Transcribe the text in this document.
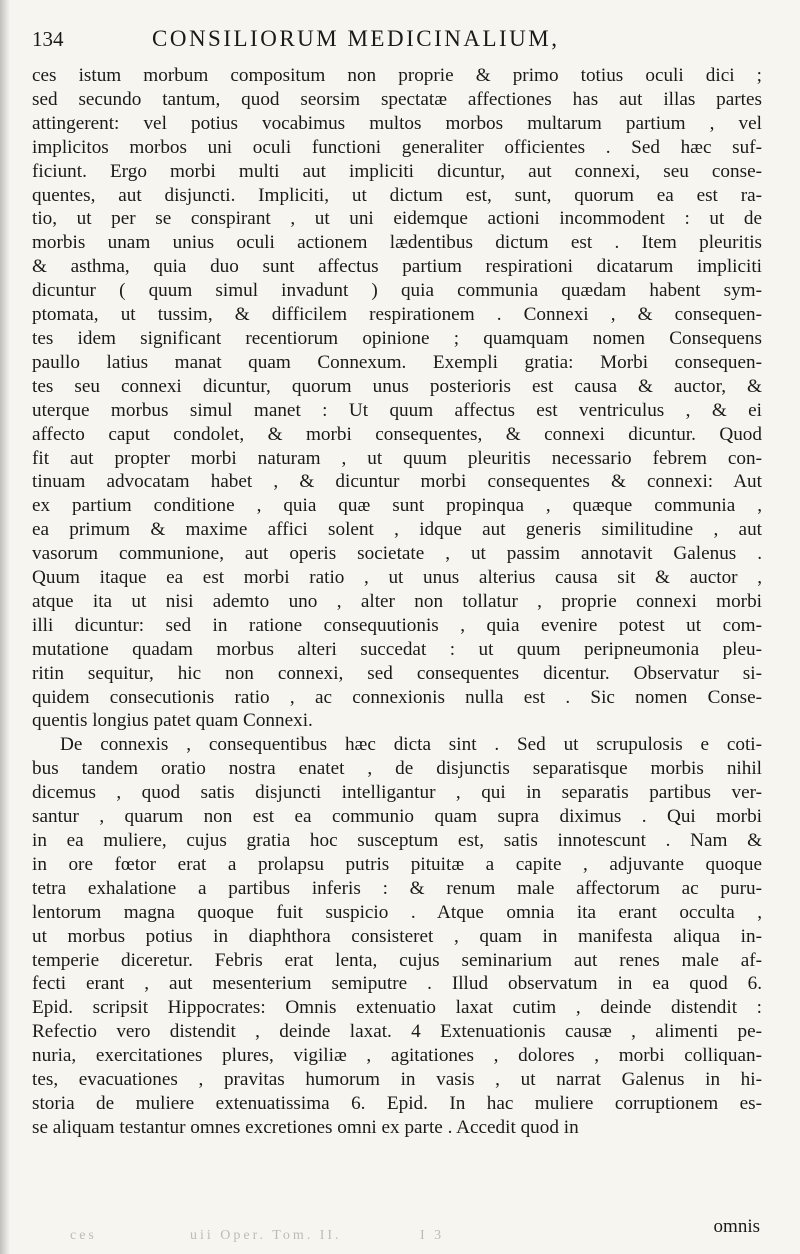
134	CONSILIORUM MEDICINALIUM,

ces istum morbum compositum non proprie & primo totius oculi dici ;
sed secundo tantum, quod seorsim spectatæ affectiones has aut illas partes
attingerent: vel potius vocabimus multos morbos multarum partium , vel
implicitos morbos uni oculi functioni generaliter officientes . Sed hæc suf-
ficiunt. Ergo morbi multi aut impliciti dicuntur, aut connexi, seu conse-
quentes, aut disjuncti. Impliciti, ut dictum est, sunt, quorum ea est ra-
tio, ut per se conspirant , ut uni eidemque actioni incommodent : ut de
morbis unam unius oculi actionem lædentibus dictum est . Item pleuritis
& asthma, quia duo sunt affectus partium respirationi dicatarum impliciti
dicuntur ( quum simul invadunt ) quia communia quædam habent sym-
ptomata, ut tussim, & difficilem respirationem . Connexi , & consequen-
tes idem significant recentiorum opinione ; quamquam nomen Consequens
paullo latius manat quam Connexum. Exempli gratia: Morbi consequen-
tes seu connexi dicuntur, quorum unus posterioris est causa & auctor, &
uterque morbus simul manet : Ut quum affectus est ventriculus , & ei
affecto caput condolet, & morbi consequentes, & connexi dicuntur. Quod
fit aut propter morbi naturam , ut quum pleuritis necessario febrem con-
tinuam advocatam habet , & dicuntur morbi consequentes & connexi: Aut
ex partium conditione , quia quæ sunt propinqua , quæque communia ,
ea primum & maxime affici solent , idque aut generis similitudine , aut
vasorum communione, aut operis societate , ut passim annotavit Galenus .
Quum itaque ea est morbi ratio , ut unus alterius causa sit & auctor ,
atque ita ut nisi ademto uno , alter non tollatur , proprie connexi morbi
illi dicuntur: sed in ratione consequutionis , quia evenire potest ut com-
mutatione quadam morbus alteri succedat : ut quum peripneumonia pleu-
ritin sequitur, hic non connexi, sed consequentes dicentur. Observatur si-
quidem consecutionis ratio , ac connexionis nulla est . Sic nomen Conse-
quentis longius patet quam Connexi.

De connexis , consequentibus hæc dicta sint . Sed ut scrupulosis e coti-
bus tandem oratio nostra enatet , de disjunctis separatisque morbis nihil
dicemus , quod satis disjuncti intelligantur , qui in separatis partibus ver-
santur , quarum non est ea communio quam supra diximus . Qui morbi
in ea muliere, cujus gratia hoc susceptum est, satis innotescunt . Nam &
in ore fœtor erat a prolapsu putris pituitæ a capite , adjuvante quoque
tetra exhalatione a partibus inferis : & renum male affectorum ac puru-
lentorum magna quoque fuit suspicio . Atque omnia ita erant occulta ,
ut morbus potius in diaphthora consisteret , quam in manifesta aliqua in-
temperie diceretur. Febris erat lenta, cujus seminarium aut renes male af-
fecti erant , aut mesenterium semiputre . Illud observatum in ea quod 6.
Epid. scripsit Hippocrates: Omnis extenuatio laxat cutim , deinde distendit :
Refectio vero distendit , deinde laxat. 4 Extenuationis causæ , alimenti pe-
nuria, exercitationes plures, vigiliæ , agitationes , dolores , morbi colliquan-
tes, evacuationes , pravitas humorum in vasis , ut narrat Galenus in hi-
storia de muliere extenuatissima 6. Epid. In hac muliere corruptionem es-
se aliquam testantur omnes excretiones omni ex parte . Accedit quod in

omnis
ces	uii Oper. Tom. II.	I 3
